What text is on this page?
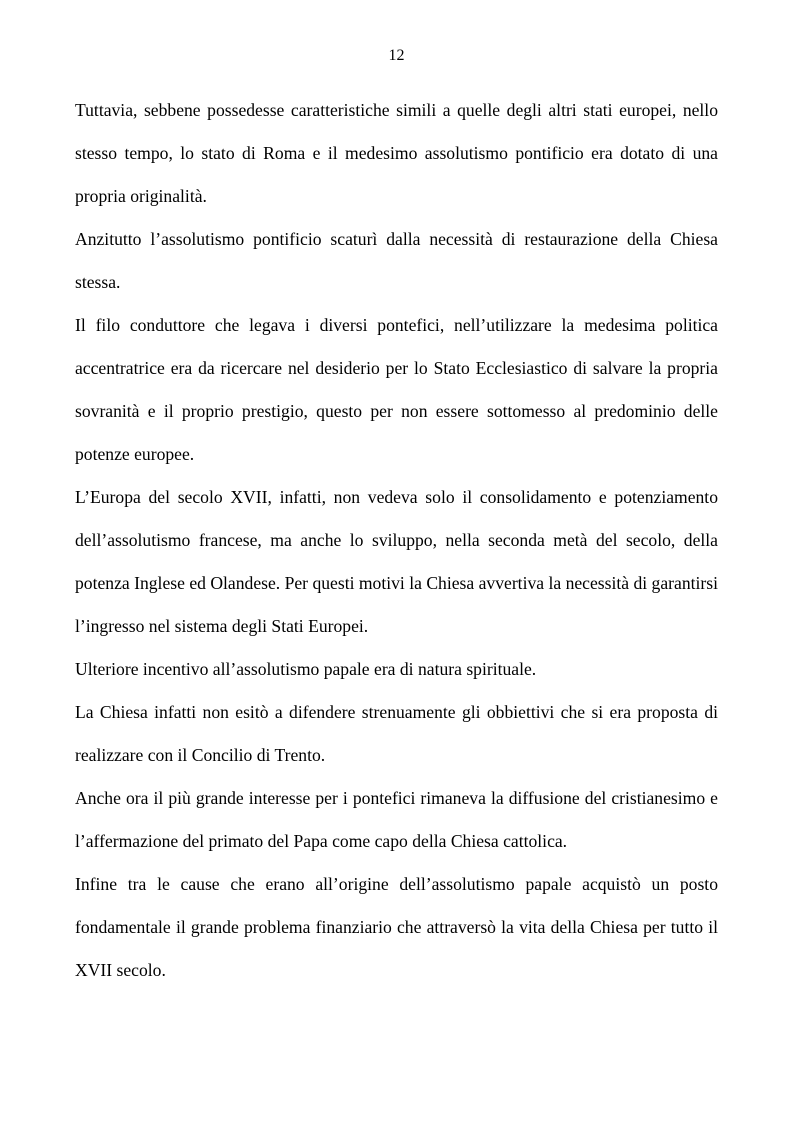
12

Tuttavia, sebbene possedesse caratteristiche simili a quelle degli altri stati europei, nello stesso tempo, lo stato di Roma e il medesimo assolutismo pontificio era dotato di una propria originalità.

Anzitutto l’assolutismo pontificio scaturì dalla necessità di restaurazione della Chiesa stessa.

Il filo conduttore che legava i diversi pontefici, nell’utilizzare la medesima politica accentratrice era da ricercare nel desiderio per lo Stato Ecclesiastico di salvare la propria sovranità e il proprio prestigio, questo per non essere sottomesso al predominio delle potenze europee.

L’Europa del secolo XVII, infatti, non vedeva solo il consolidamento e potenziamento dell’assolutismo francese, ma anche lo sviluppo, nella seconda metà del secolo, della potenza Inglese ed Olandese. Per questi motivi la Chiesa avvertiva la necessità di garantirsi l’ingresso nel sistema degli Stati Europei.

Ulteriore incentivo all’assolutismo papale era di natura spirituale.

La Chiesa infatti non esitò a difendere strenuamente gli obbiettivi che si era proposta di realizzare con il Concilio di Trento.

Anche ora il più grande interesse per i pontefici rimaneva la diffusione del cristianesimo e l’affermazione del primato del Papa come capo della Chiesa cattolica.

Infine tra le cause che erano all’origine dell’assolutismo papale acquistò un posto fondamentale il grande problema finanziario che attraversò la vita della Chiesa per tutto il XVII secolo.
